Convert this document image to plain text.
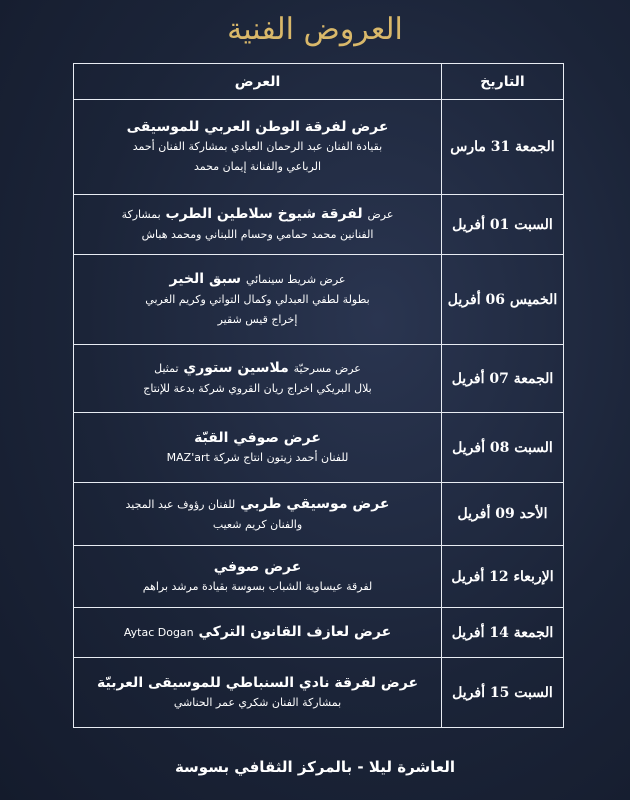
العروض الفنية
التاريخ	العرض
الجمعة 31 مارس	عرض لفرقة الوطن العربي للموسيقى
بقيادة الفنان عبد الرحمان العيادي بمشاركة الفنان أحمد
الرباعي والفنانة إيمان محمد

السبت 01 أفريل	عرض لفرقة شيوخ سلاطين الطرب بمشاركة
الفنانين محمد حمامي وحسام اللبناني ومحمد هباش

الخميس 06 أفريل	عرض شريط سينمائي سبق الخير
بطولة لطفي العبدلي وكمال التواتي وكريم الغربي
إخراج قيس شقير

الجمعة 07 أفريل	عرض مسرحيّة ملاسين ستوري تمثيل
بلال البريكي اخراج ريان القروي شركة بدعة للإنتاج

السبت 08 أفريل	عرض صوفي القبّة
للفنان أحمد زيتون انتاج شركة MAZ'art

الأحد 09 أفريل	عرض موسيقي طربي للفنان رؤوف عبد المجيد
والفنان كريم شعيب

الإربعاء 12 أفريل	عرض صوفي
لفرقة عيساوية الشباب بسوسة بقيادة مرشد براهم

الجمعة 14 أفريل	عرض لعازف القانون التركي Aytac Dogan

السبت 15 أفريل	عرض لفرقة نادي السنباطي للموسيقى العربيّة
بمشاركة الفنان شكري عمر الحناشي
العاشرة ليلا - بالمركز الثقافي بسوسة
